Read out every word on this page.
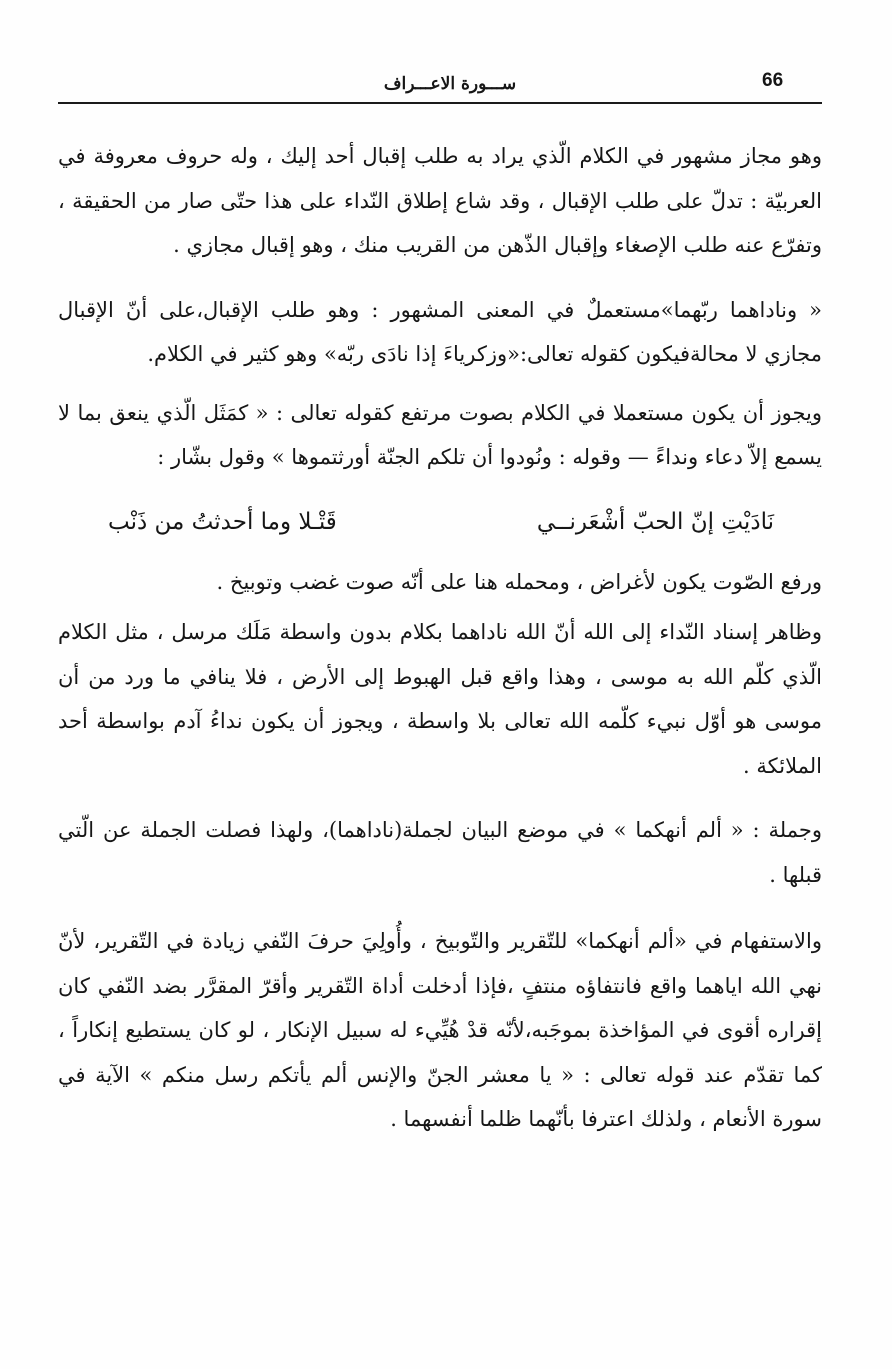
66
ســـورة الاعـــراف

وهو مجاز مشهور في الكلام الّذي يراد به طلب إقبال أحد إليك ، وله حروف معروفة في العربيّة : تدلّ على طلب الإقبال ، وقد شاع إطلاق النّداء على هذا حتّى صار من الحقيقة ، وتفرّع عنه طلب الإصغاء وإقبال الذّهن من القريب منك ، وهو إقبال مجازي .

« وناداهما ربّهما»مستعملٌ في المعنى المشهور : وهو طلب الإقبال،على أنّ الإقبال مجازي لا محالةفيكون كقوله تعالى:«وزكرياءَ إذا نادَى ربّه» وهو كثير في الكلام.

ويجوز أن يكون مستعملا في الكلام بصوت مرتفع كقوله تعالى : « كمَثَل الّذي ينعق بما لا يسمع إلاّ دعاء ونداءً — وقوله : ونُودوا أن تلكم الجنّة أورثتموها » وقول بشّار :

نَادَيْتِ إنّ الحبّ أشْعَرنــي
قَتْـلا وما أحدثتُ من ذَنْب

ورفع الصّوت يكون لأغراض ، ومحمله هنا على أنّه صوت غضب وتوبيخ .

وظاهر إسناد النّداء إلى الله أنّ الله ناداهما بكلام بدون واسطة مَلَك مرسل ، مثل الكلام الّذي كلّم الله به موسى ، وهذا واقع قبل الهبوط إلى الأرض ، فلا ينافي ما ورد من أن موسى هو أوّل نبيء كلّمه الله تعالى بلا واسطة ، ويجوز أن يكون نداءُ آدم بواسطة أحد الملائكة .

وجملة : « ألم أنهكما » في موضع البيان لجملة(ناداهما)، ولهذا فصلت الجملة عن الّتي قبلها .

والاستفهام في «ألم أنهكما» للتّقرير والتّوبيخ ، وأُولِيَ حرفَ النّفي زيادة في التّقرير، لأنّ نهي الله اياهما واقع فانتفاؤه منتفٍ ،فإذا أدخلت أداة التّقرير وأقرّ المقرَّر بضد النّفي كان إقراره أقوى في المؤاخذة بموجَبه،لأنّه قدْ هُيِّيء له سبيل الإنكار ، لو كان يستطيع إنكاراً ، كما تقدّم عند قوله تعالى : « يا معشر الجنّ والإنس ألم يأتكم رسل منكم » الآية في سورة الأنعام ، ولذلك اعترفا بأنّهما ظلما أنفسهما .
